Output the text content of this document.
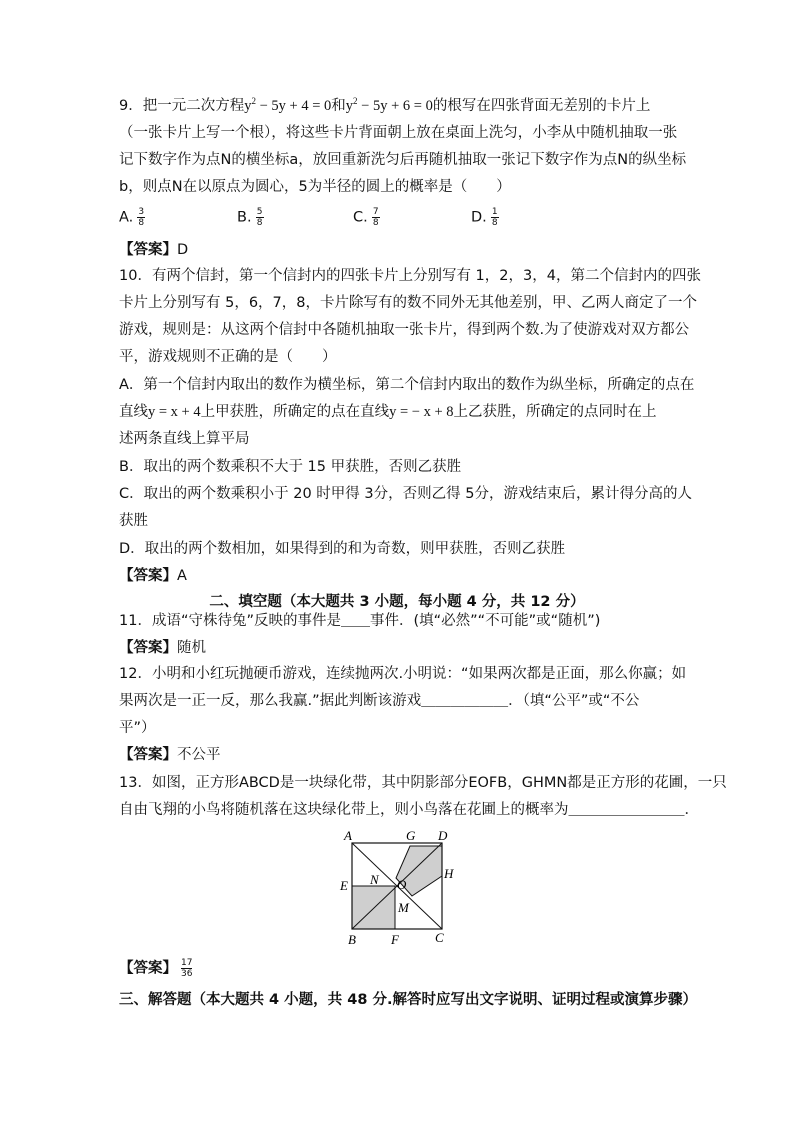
9．把一元二次方程$y^2 - 5y + 4 = 0$和$y^2 - 5y + 6 = 0$的根写在四张背面无差别的卡片上
（一张卡片上写一个根），将这些卡片背面朝上放在桌面上洗匀，小李从中随机抽取一张
记下数字作为点N的横坐标a，放回重新洗匀后再随机抽取一张记下数字作为点N的纵坐标
b，则点N在以原点为圆心，5为半径的圆上的概率是（　　）
A. $\frac{3}{8}$	B. $\frac{5}{8}$	C. $\frac{7}{8}$	D. $\frac{1}{8}$
【答案】D
10．有两个信封，第一个信封内的四张卡片上分别写有 1，2，3，4，第二个信封内的四张
卡片上分别写有 5，6，7，8，卡片除写有的数不同外无其他差别，甲、乙两人商定了一个
游戏，规则是：从这两个信封中各随机抽取一张卡片，得到两个数.为了使游戏对双方都公
平，游戏规则不正确的是（　　）
A．第一个信封内取出的数作为横坐标，第二个信封内取出的数作为纵坐标，所确定的点在
直线y = x + 4上甲获胜，所确定的点在直线y = − x + 8上乙获胜，所确定的点同时在上
述两条直线上算平局
B．取出的两个数乘积不大于 15 甲获胜，否则乙获胜
C．取出的两个数乘积小于 20 时甲得 3分，否则乙得 5分，游戏结束后，累计得分高的人
获胜
D．取出的两个数相加，如果得到的和为奇数，则甲获胜，否则乙获胜
【答案】A
二、填空题（本大题共 3 小题，每小题 4 分，共 12 分）
11．成语“守株待兔”反映的事件是＿＿事件．(填“必然”“不可能”或“随机”)
【答案】随机
12．小明和小红玩抛硬币游戏，连续抛两次.小明说：“如果两次都是正面，那么你赢；如
果两次是一正一反，那么我赢.”据此判断该游戏＿＿＿＿＿＿．（填“公平”或“不公
平”）
【答案】不公平
13．如图，正方形ABCD是一块绿化带，其中阴影部分EOFB，GHMN都是正方形的花圃，一只
自由飞翔的小鸟将随机落在这块绿化带上，则小鸟落在花圃上的概率为＿＿＿＿＿＿＿＿．
A	G D
H
E N O
M
B	F	C
【答案】 $\frac{17}{36}$
三、解答题（本大题共 4 小题，共 48 分.解答时应写出文字说明、证明过程或演算步骤）
